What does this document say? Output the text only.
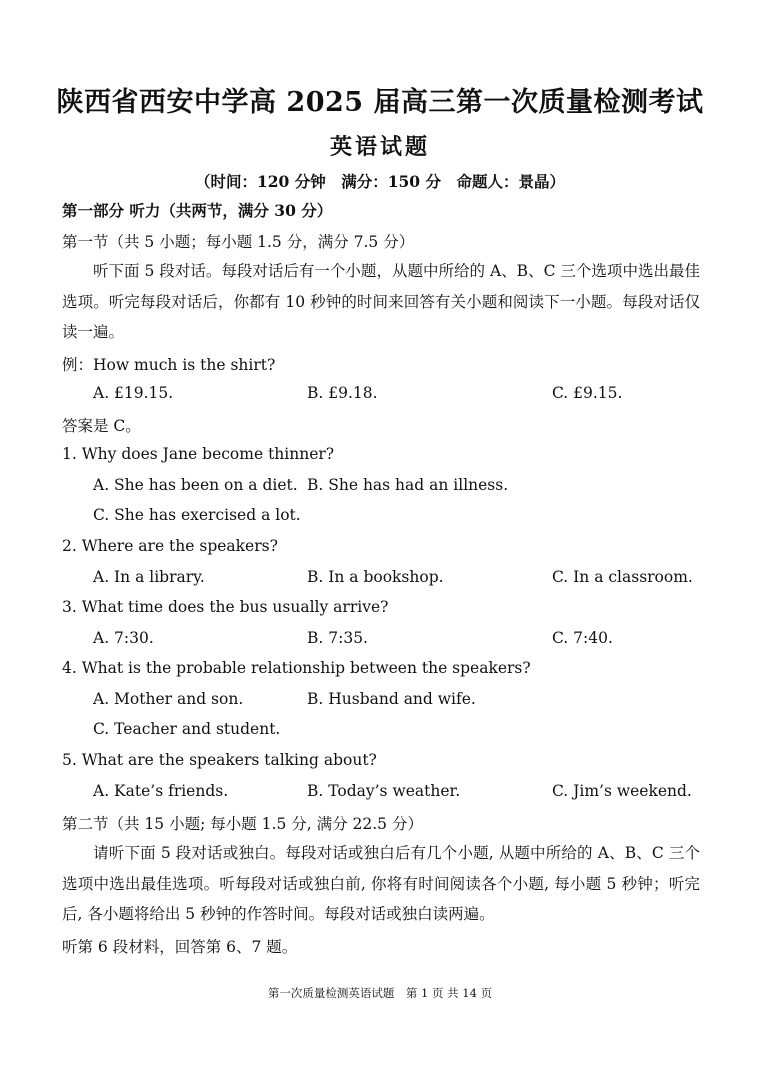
陕西省西安中学高 2025 届高三第一次质量检测考试
英语试题
（时间：120 分钟　满分：150 分　命题人：景晶）
第一部分 听力（共两节，满分 30 分）
第一节（共 5 小题；每小题 1.5 分，满分 7.5 分）
听下面 5 段对话。每段对话后有一个小题，从题中所给的 A、B、C 三个选项中选出最佳选项。听完每段对话后，你都有 10 秒钟的时间来回答有关小题和阅读下一小题。每段对话仅读一遍。
例：How much is the shirt?
A. £19.15.	B. £9.18.	C. £9.15.
答案是 C。
1. Why does Jane become thinner?
A. She has been on a diet. B. She has had an illness.
C. She has exercised a lot.
2. Where are the speakers?
A. In a library.	B. In a bookshop.	C. In a classroom.
3. What time does the bus usually arrive?
A. 7:30.	B. 7:35.	C. 7:40.
4. What is the probable relationship between the speakers?
A. Mother and son.	B. Husband and wife.
C. Teacher and student.
5. What are the speakers talking about?
A. Kate’s friends.	B. Today’s weather.	C. Jim’s weekend.
第二节（共 15 小题; 每小题 1.5 分, 满分 22.5 分）
请听下面 5 段对话或独白。每段对话或独白后有几个小题, 从题中所给的 A、B、C 三个选项中选出最佳选项。听每段对话或独白前, 你将有时间阅读各个小题, 每小题 5 秒钟；听完后, 各小题将给出 5 秒钟的作答时间。每段对话或独白读两遍。
听第 6 段材料，回答第 6、7 题。
第一次质量检测英语试题　第 1 页 共 14 页
